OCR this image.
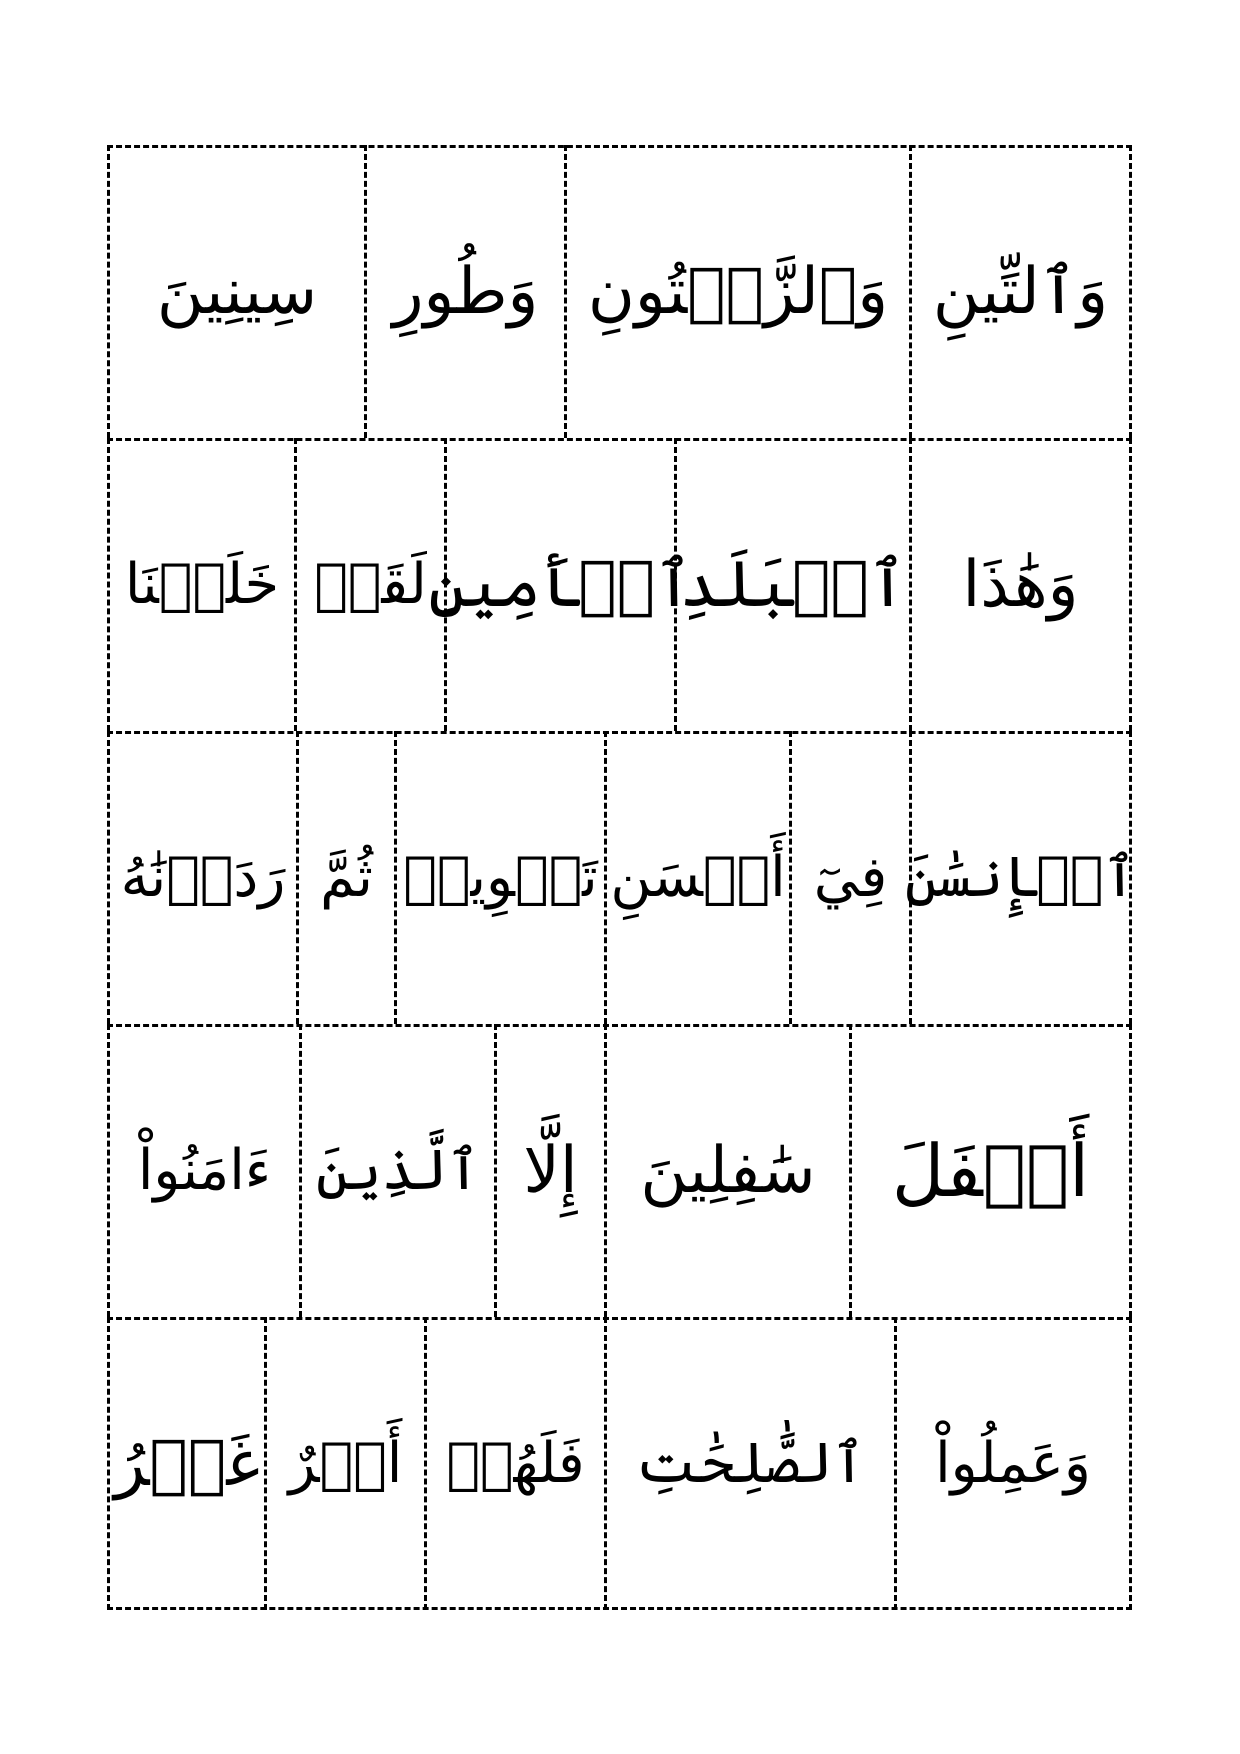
وَٱلتِّينِ
وَٱلزَّيۡتُونِ
وَطُورِ
سِينِينَ
وَهَٰذَا
ٱلۡبَلَدِ
ٱلۡأَمِينِ
لَقَدۡ
خَلَقۡنَا
ٱلۡإِنسَٰنَ
فِيٓ
أَحۡسَنِ
تَقۡوِيمٖ
ثُمَّ
رَدَدۡنَٰهُ
أَسۡفَلَ
سَٰفِلِينَ
إِلَّا
ٱلَّذِينَ
ءَامَنُواْ
وَعَمِلُواْ
ٱلصَّٰلِحَٰتِ
فَلَهُمۡ
أَجۡرٌ
غَيۡرُ
